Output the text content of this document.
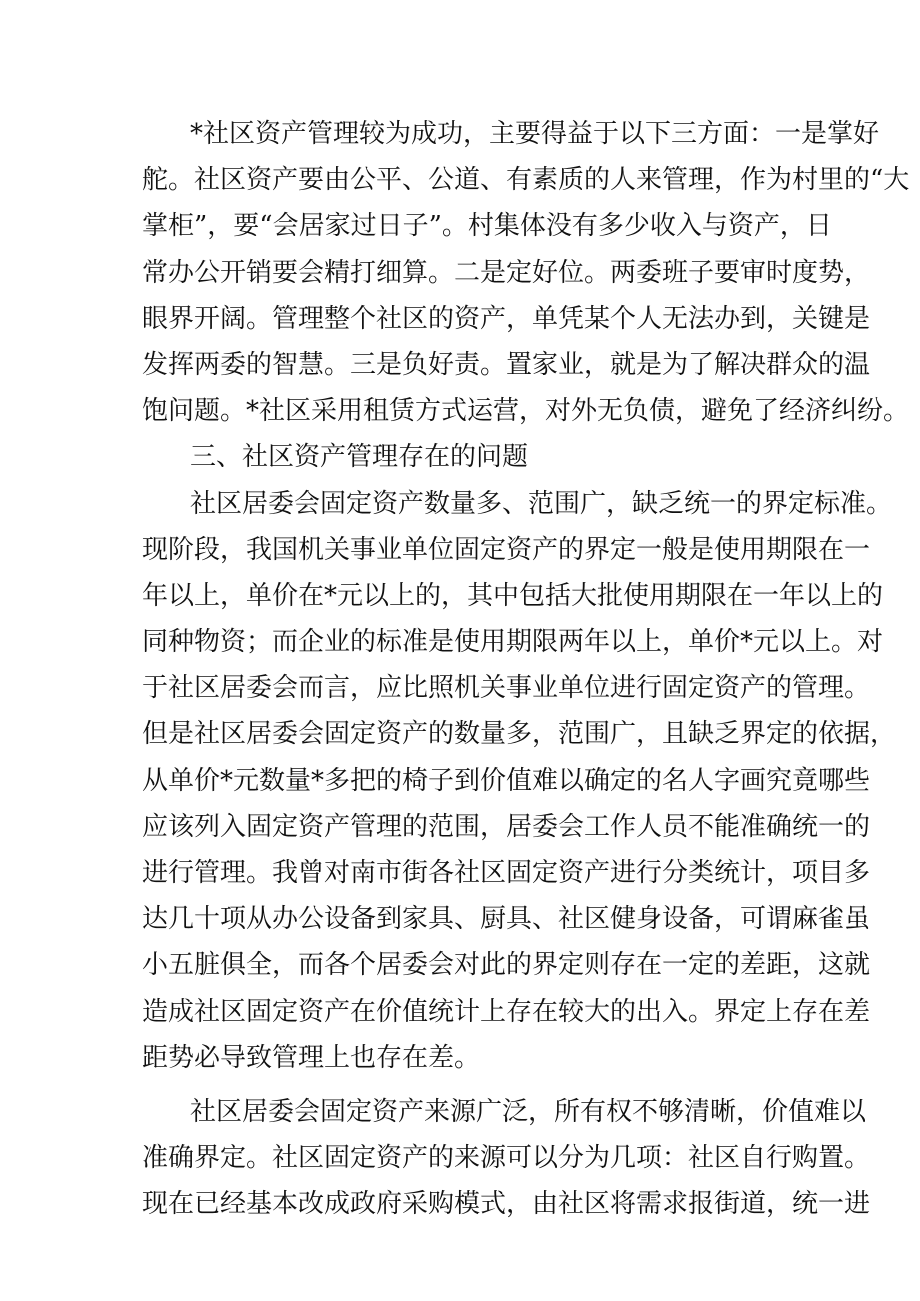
*社区资产管理较为成功，主要得益于以下三方面：一是掌好
舵。社区资产要由公平、公道、有素质的人来管理，作为村里的“大
掌柜”，要“会居家过日子”。村集体没有多少收入与资产，日
常办公开销要会精打细算。二是定好位。两委班子要审时度势，
眼界开阔。管理整个社区的资产，单凭某个人无法办到，关键是
发挥两委的智慧。三是负好责。置家业，就是为了解决群众的温
饱问题。*社区采用租赁方式运营，对外无负债，避免了经济纠纷。
三、社区资产管理存在的问题
社区居委会固定资产数量多、范围广，缺乏统一的界定标准。
现阶段，我国机关事业单位固定资产的界定一般是使用期限在一
年以上，单价在*元以上的，其中包括大批使用期限在一年以上的
同种物资；而企业的标准是使用期限两年以上，单价*元以上。对
于社区居委会而言，应比照机关事业单位进行固定资产的管理。
但是社区居委会固定资产的数量多，范围广，且缺乏界定的依据，
从单价*元数量*多把的椅子到价值难以确定的名人字画究竟哪些
应该列入固定资产管理的范围，居委会工作人员不能准确统一的
进行管理。我曾对南市街各社区固定资产进行分类统计，项目多
达几十项从办公设备到家具、厨具、社区健身设备，可谓麻雀虽
小五脏俱全，而各个居委会对此的界定则存在一定的差距，这就
造成社区固定资产在价值统计上存在较大的出入。界定上存在差
距势必导致管理上也存在差。
社区居委会固定资产来源广泛，所有权不够清晰，价值难以
准确界定。社区固定资产的来源可以分为几项：社区自行购置。
现在已经基本改成政府采购模式，由社区将需求报街道，统一进
